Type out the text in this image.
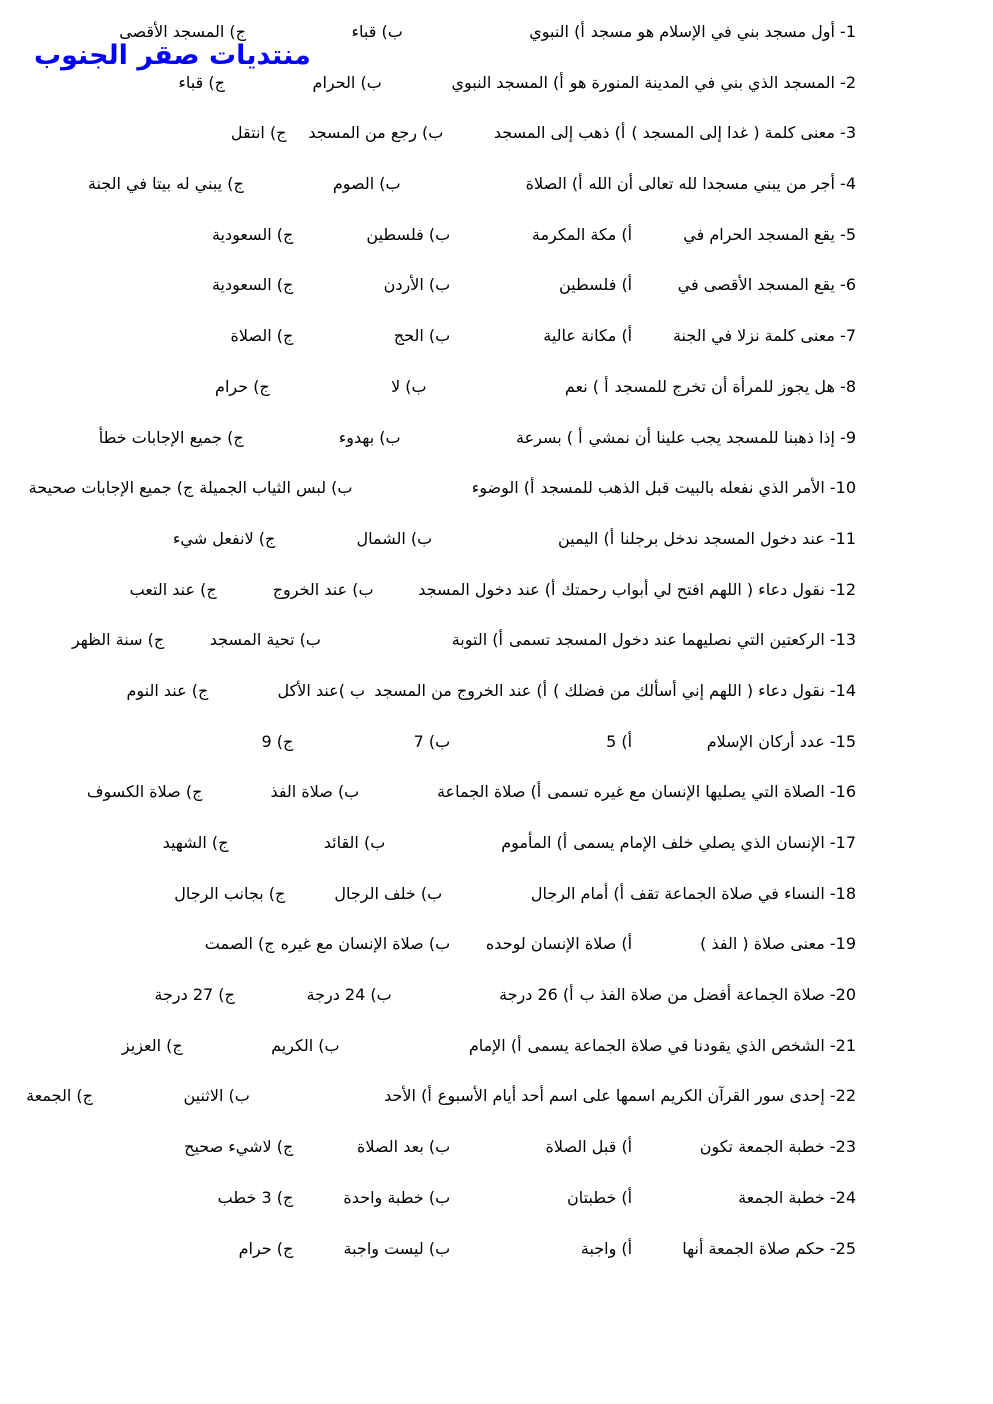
منتديات صقر الجنوب
1- أول مسجد بني في الإسلام هو مسجد
أ) النبوي
ب) قباء
ج) المسجد الأقصى
2- المسجد الذي بني في المدينة المنورة هو
أ) المسجد النبوي
ب) الحرام
ج) قباء
3- معنى كلمة ( غدا إلى المسجد )
أ) ذهب إلى المسجد
ب) رجع من المسجد
ج) انتقل
4- أجر من يبني مسجدا لله تعالى أن الله
أ) الصلاة
ب) الصوم
ج) يبني له بيتا في الجنة
5- يقع المسجد الحرام في
أ) مكة المكرمة
ب) فلسطين
ج) السعودية
6- يقع المسجد الأقصى في
أ) فلسطين
ب) الأردن
ج) السعودية
7- معنى كلمة نزلا في الجنة
أ) مكانة عالية
ب) الحج
ج) الصلاة
8- هل يجوز للمرأة أن تخرج للمسجد
أ ) نعم
ب) لا
ج) حرام
9- إذا ذهبنا للمسجد يجب علينا أن نمشي
أ ) بسرعة
ب) بهدوء
ج) جميع الإجابات خطأ
10- الأمر الذي نفعله بالبيت قبل الذهب للمسجد
أ) الوضوء
ب) لبس الثياب الجميلة
ج) جميع الإجابات صحيحة
11- عند دخول المسجد ندخل برجلنا
أ) اليمين
ب) الشمال
ج) لانفعل شيء
12- نقول دعاء ( اللهم افتح لي أبواب رحمتك
أ) عند دخول المسجد
ب) عند الخروج
ج) عند التعب
13- الركعتين التي نصليهما عند دخول المسجد تسمى
أ) التوبة
ب) تحية المسجد
ج) سنة الظهر
14- نقول دعاء ( اللهم إني أسألك من فضلك )
أ) عند الخروج من المسجد
ب )عند الأكل
ج) عند النوم
15- عدد أركان الإسلام
أ) 5
ب) 7
ج) 9
16- الصلاة التي يصليها الإنسان مع غيره تسمى
أ) صلاة الجماعة
ب) صلاة الفذ
ج) صلاة الكسوف
17- الإنسان الذي يصلي خلف الإمام يسمى
أ) المأموم
ب) القائد
ج) الشهيد
18- النساء في صلاة الجماعة تقف
أ) أمام الرجال
ب) خلف الرجال
ج) بجانب الرجال
19- معنى صلاة ( الفذ )
أ) صلاة الإنسان لوحده
ب) صلاة الإنسان مع غيره
ج) الصمت
20- صلاة الجماعة أفضل من صلاة الفذ ب
أ) 26 درجة
ب) 24 درجة
ج) 27 درجة
21- الشخص الذي يقودنا في صلاة الجماعة يسمى
أ) الإمام
ب) الكريم
ج) العزيز
22- إحدى سور القرآن الكريم اسمها على اسم أحد أيام الأسبوع
أ) الأحد
ب) الاثنين
ج) الجمعة
23- خطبة الجمعة تكون
أ) قبل الصلاة
ب) بعد الصلاة
ج) لاشيء صحيح
24- خطبة الجمعة
أ) خطبتان
ب) خطبة واحدة
ج) 3 خطب
25- حكم صلاة الجمعة أنها
أ) واجبة
ب) ليست واجبة
ج) حرام
